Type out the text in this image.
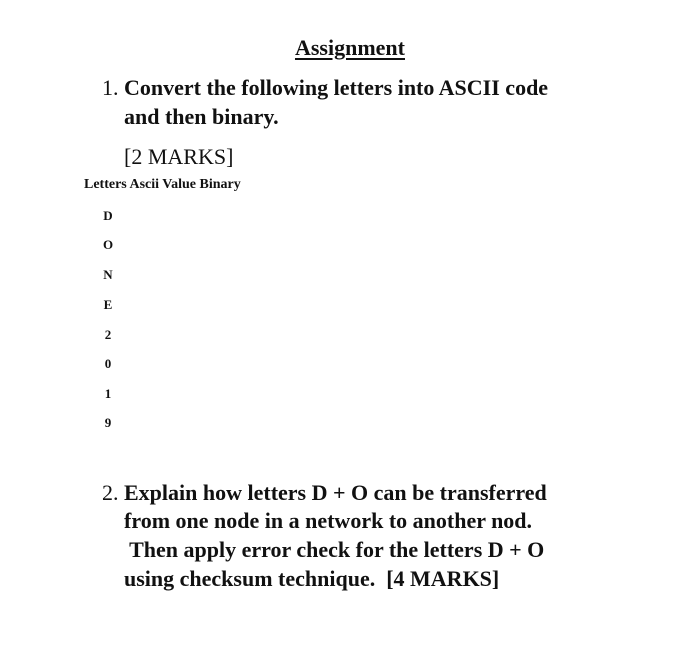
Assignment
1. Convert the following letters into ASCII code
and then binary.
[2 MARKS]
Letters Ascii Value Binary
D
O
N
E
2
0
1
9
2. Explain how letters D + O can be transferred
from one node in a network to another nod.
Then apply error check for the letters D + O
using checksum technique.  [4 MARKS]
